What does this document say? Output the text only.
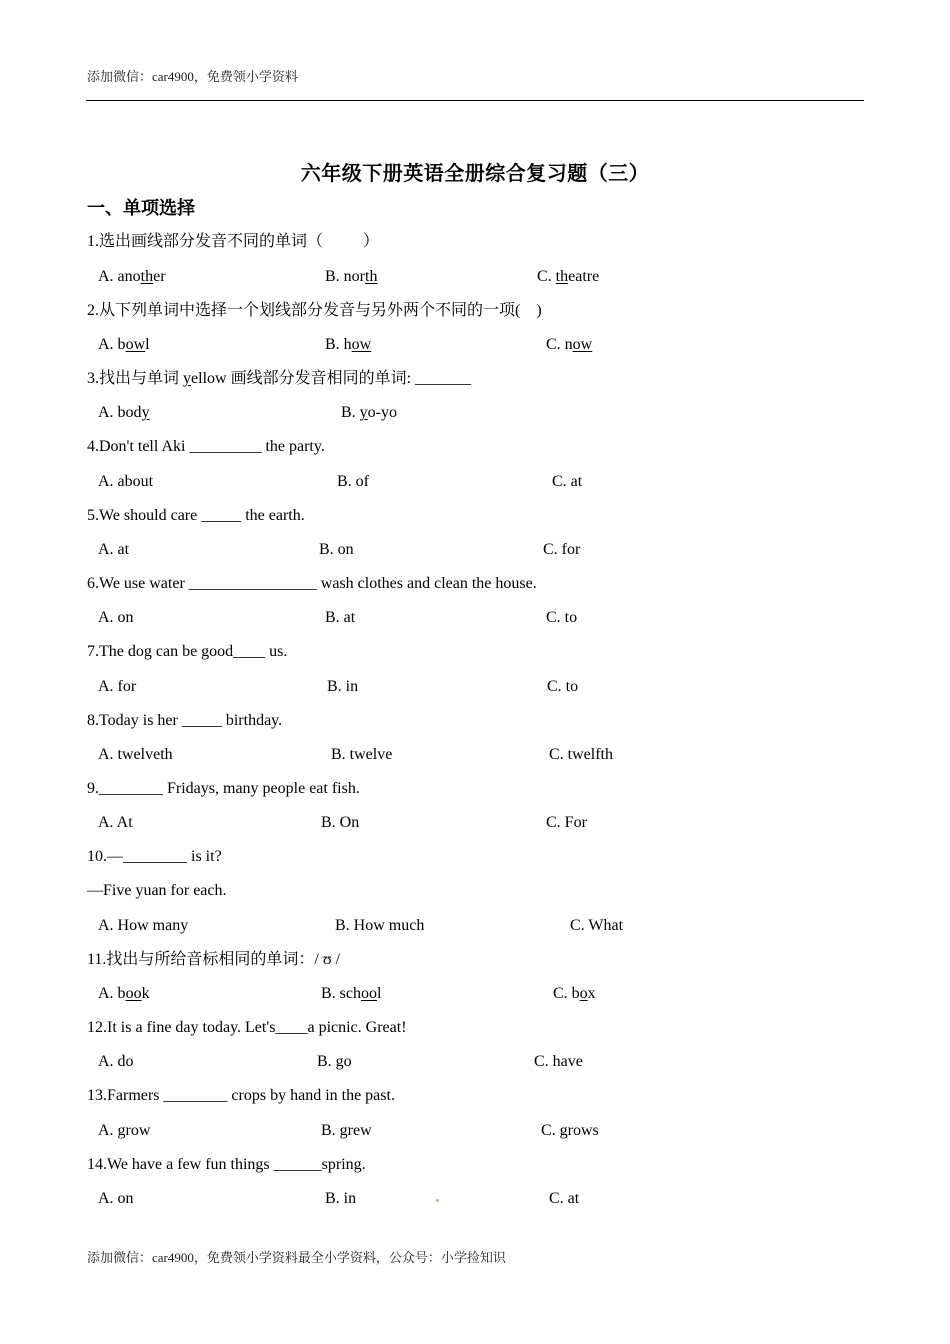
添加微信：car4900，免费领小学资料
六年级下册英语全册综合复习题（三）
一、单项选择
1.选出画线部分发音不同的单词（          ）
A. another	B. north	C. theatre
2.从下列单词中选择一个划线部分发音与另外两个不同的一项(    )
A. bowl	B. how	C. now
3.找出与单词 yellow 画线部分发音相同的单词: _______
A. body	B. yo-yo
4.Don't tell Aki _________ the party.
A. about	B. of	C. at
5.We should care _____ the earth.
A. at	B. on	C. for
6.We use water ________________ wash clothes and clean the house.
A. on	B. at	C. to
7.The dog can be good____ us.
A. for	B. in	C. to
8.Today is her _____ birthday.
A. twelveth	B. twelve	C. twelfth
9.________ Fridays, many people eat fish.
A. At	B. On	C. For
10.—________ is it?
—Five yuan for each.
A. How many	B. How much	C. What
11.找出与所给音标相同的单词：/ ʊ /
A. book	B. school	C. box
12.It is a fine day today. Let's____a picnic. Great!
A. do	B. go	C. have
13.Farmers ________ crops by hand in the past.
A. grow	B. grew	C. grows
14.We have a few fun things ______spring.
A. on	B. in	C. at
添加微信：car4900，免费领小学资料最全小学资料，公众号：小学捡知识
